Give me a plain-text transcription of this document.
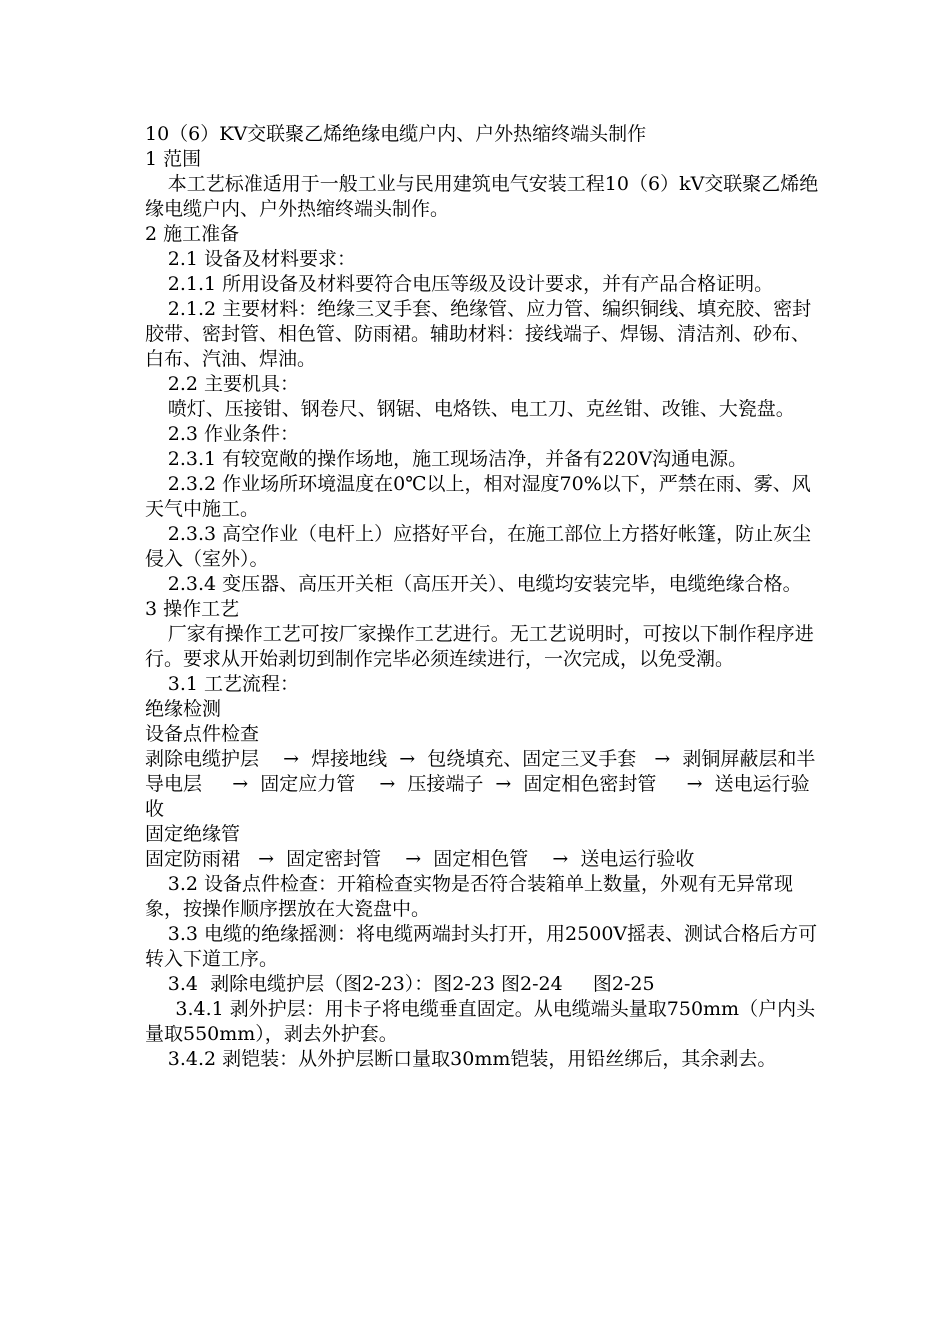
10（6）KV交联聚乙烯绝缘电缆户内、户外热缩终端头制作

1 范围

本工艺标准适用于一般工业与民用建筑电气安装工程10（6）kV交联聚乙烯绝缘电缆户内、户外热缩终端头制作。

2 施工准备

2.1 设备及材料要求：

2.1.1 所用设备及材料要符合电压等级及设计要求，并有产品合格证明。

2.1.2 主要材料：绝缘三叉手套、绝缘管、应力管、编织铜线、填充胶、密封胶带、密封管、相色管、防雨裙。辅助材料：接线端子、焊锡、清洁剂、砂布、白布、汽油、焊油。

2.2 主要机具：

喷灯、压接钳、钢卷尺、钢锯、电烙铁、电工刀、克丝钳、改锥、大瓷盘。

2.3 作业条件：

2.3.1 有较宽敞的操作场地，施工现场洁净，并备有220V沟通电源。

2.3.2 作业场所环境温度在0℃以上，相对湿度70%以下，严禁在雨、雾、风天气中施工。

2.3.3 高空作业（电杆上）应搭好平台，在施工部位上方搭好帐篷，防止灰尘侵入（室外）。

2.3.4 变压器、高压开关柜（高压开关）、电缆均安装完毕，电缆绝缘合格。

3 操作工艺

厂家有操作工艺可按厂家操作工艺进行。无工艺说明时，可按以下制作程序进行。要求从开始剥切到制作完毕必须连续进行，一次完成，以免受潮。

3.1 工艺流程：

绝缘检测

设备点件检查

剥除电缆护层    →  焊接地线  →  包绕填充、固定三叉手套   →  剥铜屏蔽层和半导电层     →  固定应力管    →  压接端子  →  固定相色密封管     →  送电运行验收

固定绝缘管

固定防雨裙   →  固定密封管    →  固定相色管    →  送电运行验收

3.2 设备点件检查：开箱检查实物是否符合装箱单上数量，外观有无异常现象，按操作顺序摆放在大瓷盘中。

3.3 电缆的绝缘摇测：将电缆两端封头打开，用2500V摇表、测试合格后方可转入下道工序。

3.4  剥除电缆护层（图2-23）：图2-23 图2-24     图2-25

3.4.1 剥外护层：用卡子将电缆垂直固定。从电缆端头量取750mm（户内头量取550mm），剥去外护套。

3.4.2 剥铠装：从外护层断口量取30mm铠装，用铅丝绑后，其余剥去。
